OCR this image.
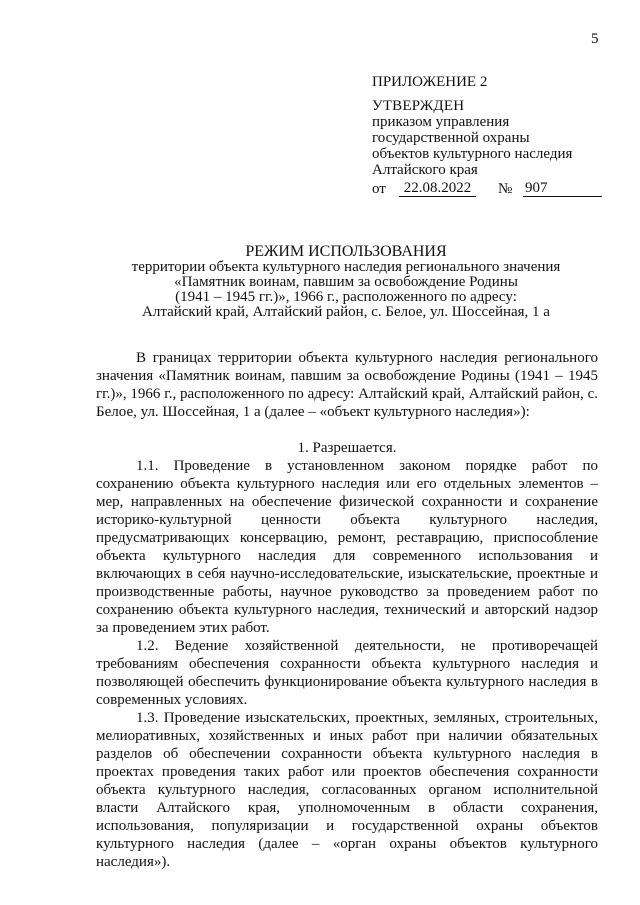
5
ПРИЛОЖЕНИЕ 2
УТВЕРЖДЕН
приказом управления
государственной охраны
объектов культурного наследия
Алтайского края
от	22.08.2022	№ 907
РЕЖИМ ИСПОЛЬЗОВАНИЯ
территории объекта культурного наследия регионального значения
«Памятник воинам, павшим за освобождение Родины
(1941 – 1945 гг.)», 1966 г., расположенного по адресу:
Алтайский край, Алтайский район, с. Белое, ул. Шоссейная, 1 а

В границах территории объекта культурного наследия регионального значения «Памятник воинам, павшим за освобождение Родины (1941 – 1945 гг.)», 1966 г., расположенного по адресу: Алтайский край, Алтайский район, с. Белое, ул. Шоссейная, 1 а (далее – «объект культурного наследия»):

1. Разрешается.

1.1. Проведение в установленном законом порядке работ по сохранению объекта культурного наследия или его отдельных элементов – мер, направленных на обеспечение физической сохранности и сохранение историко-культурной ценности объекта культурного наследия, предусматривающих консервацию, ремонт, реставрацию, приспособление объекта культурного наследия для современного использования и включающих в себя научно-исследовательские, изыскательские, проектные и производственные работы, научное руководство за проведением работ по сохранению объекта культурного наследия, технический и авторский надзор за проведением этих работ.

1.2. Ведение хозяйственной деятельности, не противоречащей требованиям обеспечения сохранности объекта культурного наследия и позволяющей обеспечить функционирование объекта культурного наследия в современных условиях.

1.3. Проведение изыскательских, проектных, земляных, строительных, мелиоративных, хозяйственных и иных работ при наличии обязательных разделов об обеспечении сохранности объекта культурного наследия в проектах проведения таких работ или проектов обеспечения сохранности объекта культурного наследия, согласованных органом исполнительной власти Алтайского края, уполномоченным в области сохранения, использования, популяризации и государственной охраны объектов культурного наследия (далее – «орган охраны объектов культурного наследия»).
